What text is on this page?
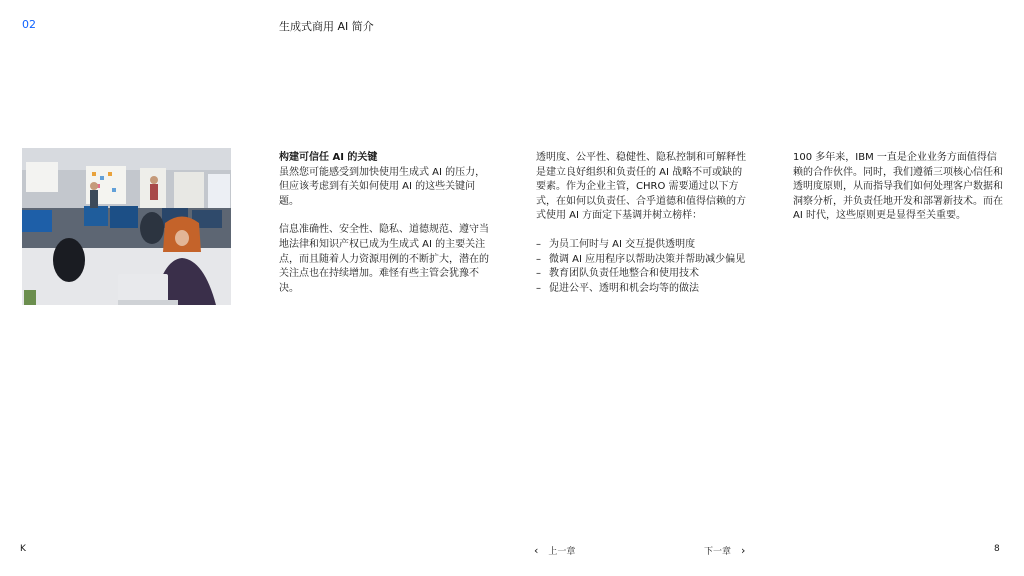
02	生成式商用 AI 简介

构建可信任 AI 的关键

虽然您可能感受到加快使用生成式 AI 的压力，但应该考虑到有关如何使用 AI 的这些关键问题。

信息准确性、安全性、隐私、道德规范、遵守当地法律和知识产权已成为生成式 AI 的主要关注点，而且随着人力资源用例的不断扩大，潜在的关注点也在持续增加。难怪有些主管会犹豫不决。

透明度、公平性、稳健性、隐私控制和可解释性是建立良好组织和负责任的 AI 战略不可或缺的要素。作为企业主管，CHRO 需要通过以下方式，在如何以负责任、合乎道德和值得信赖的方式使用 AI 方面定下基调并树立榜样：

– 为员工何时与 AI 交互提供透明度
– 微调 AI 应用程序以帮助决策并帮助减少偏见
– 教育团队负责任地整合和使用技术
– 促进公平、透明和机会均等的做法

100 多年来，IBM 一直是企业业务方面值得信赖的合作伙伴。同时，我们遵循三项核心信任和透明度原则，从而指导我们如何处理客户数据和洞察分析，并负责任地开发和部署新技术。而在 AI 时代，这些原则更是显得至关重要。

K	‹ 上一章	下一章 ›	8
